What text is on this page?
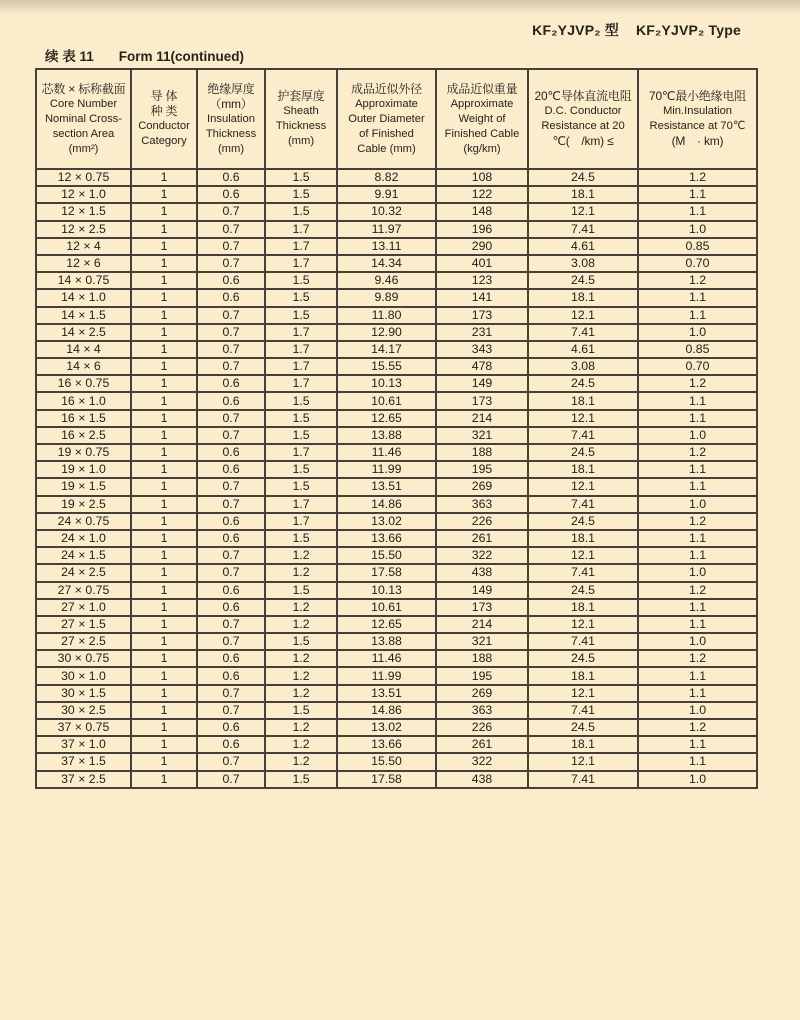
KF₂YJVP₂ 型 KF₂YJVP₂ Type
续 表 11 Form 11(continued)
芯数 × 标称截面
Core Number
Nominal Cross-
section Area
(mm²)

导 体
种 类
Conductor
Category

绝缘厚度
（mm）
Insulation
Thickness
(mm)

护套厚度
Sheath
Thickness
(mm)

成品近似外径
Approximate
Outer Diameter
of Finished
Cable (mm)

成品近似重量
Approximate
Weight of
Finished Cable
(kg/km)

20℃导体直流电阻
D.C. Conductor
Resistance at 20
℃(　/km) ≤

70℃最小绝缘电阻
Min.Insulation
Resistance at 70℃
(M　· km)

12 × 0.75	1	0.6	1.5	8.82	108	24.5	1.2
12 × 1.0	1	0.6	1.5	9.91	122	18.1	1.1
12 × 1.5	1	0.7	1.5	10.32	148	12.1	1.1
12 × 2.5	1	0.7	1.7	11.97	196	7.41	1.0
12 × 4	1	0.7	1.7	13.11	290	4.61	0.85
12 × 6	1	0.7	1.7	14.34	401	3.08	0.70
14 × 0.75	1	0.6	1.5	9.46	123	24.5	1.2
14 × 1.0	1	0.6	1.5	9.89	141	18.1	1.1
14 × 1.5	1	0.7	1.5	11.80	173	12.1	1.1
14 × 2.5	1	0.7	1.7	12.90	231	7.41	1.0
14 × 4	1	0.7	1.7	14.17	343	4.61	0.85
14 × 6	1	0.7	1.7	15.55	478	3.08	0.70
16 × 0.75	1	0.6	1.7	10.13	149	24.5	1.2
16 × 1.0	1	0.6	1.5	10.61	173	18.1	1.1
16 × 1.5	1	0.7	1.5	12.65	214	12.1	1.1
16 × 2.5	1	0.7	1.5	13.88	321	7.41	1.0
19 × 0.75	1	0.6	1.7	11.46	188	24.5	1.2
19 × 1.0	1	0.6	1.5	11.99	195	18.1	1.1
19 × 1.5	1	0.7	1.5	13.51	269	12.1	1.1
19 × 2.5	1	0.7	1.7	14.86	363	7.41	1.0
24 × 0.75	1	0.6	1.7	13.02	226	24.5	1.2
24 × 1.0	1	0.6	1.5	13.66	261	18.1	1.1
24 × 1.5	1	0.7	1.2	15.50	322	12.1	1.1
24 × 2.5	1	0.7	1.2	17.58	438	7.41	1.0
27 × 0.75	1	0.6	1.5	10.13	149	24.5	1.2
27 × 1.0	1	0.6	1.2	10.61	173	18.1	1.1
27 × 1.5	1	0.7	1.2	12.65	214	12.1	1.1
27 × 2.5	1	0.7	1.5	13.88	321	7.41	1.0
30 × 0.75	1	0.6	1.2	11.46	188	24.5	1.2
30 × 1.0	1	0.6	1.2	11.99	195	18.1	1.1
30 × 1.5	1	0.7	1.2	13.51	269	12.1	1.1
30 × 2.5	1	0.7	1.5	14.86	363	7.41	1.0
37 × 0.75	1	0.6	1.2	13.02	226	24.5	1.2
37 × 1.0	1	0.6	1.2	13.66	261	18.1	1.1
37 × 1.5	1	0.7	1.2	15.50	322	12.1	1.1
37 × 2.5	1	0.7	1.5	17.58	438	7.41	1.0
